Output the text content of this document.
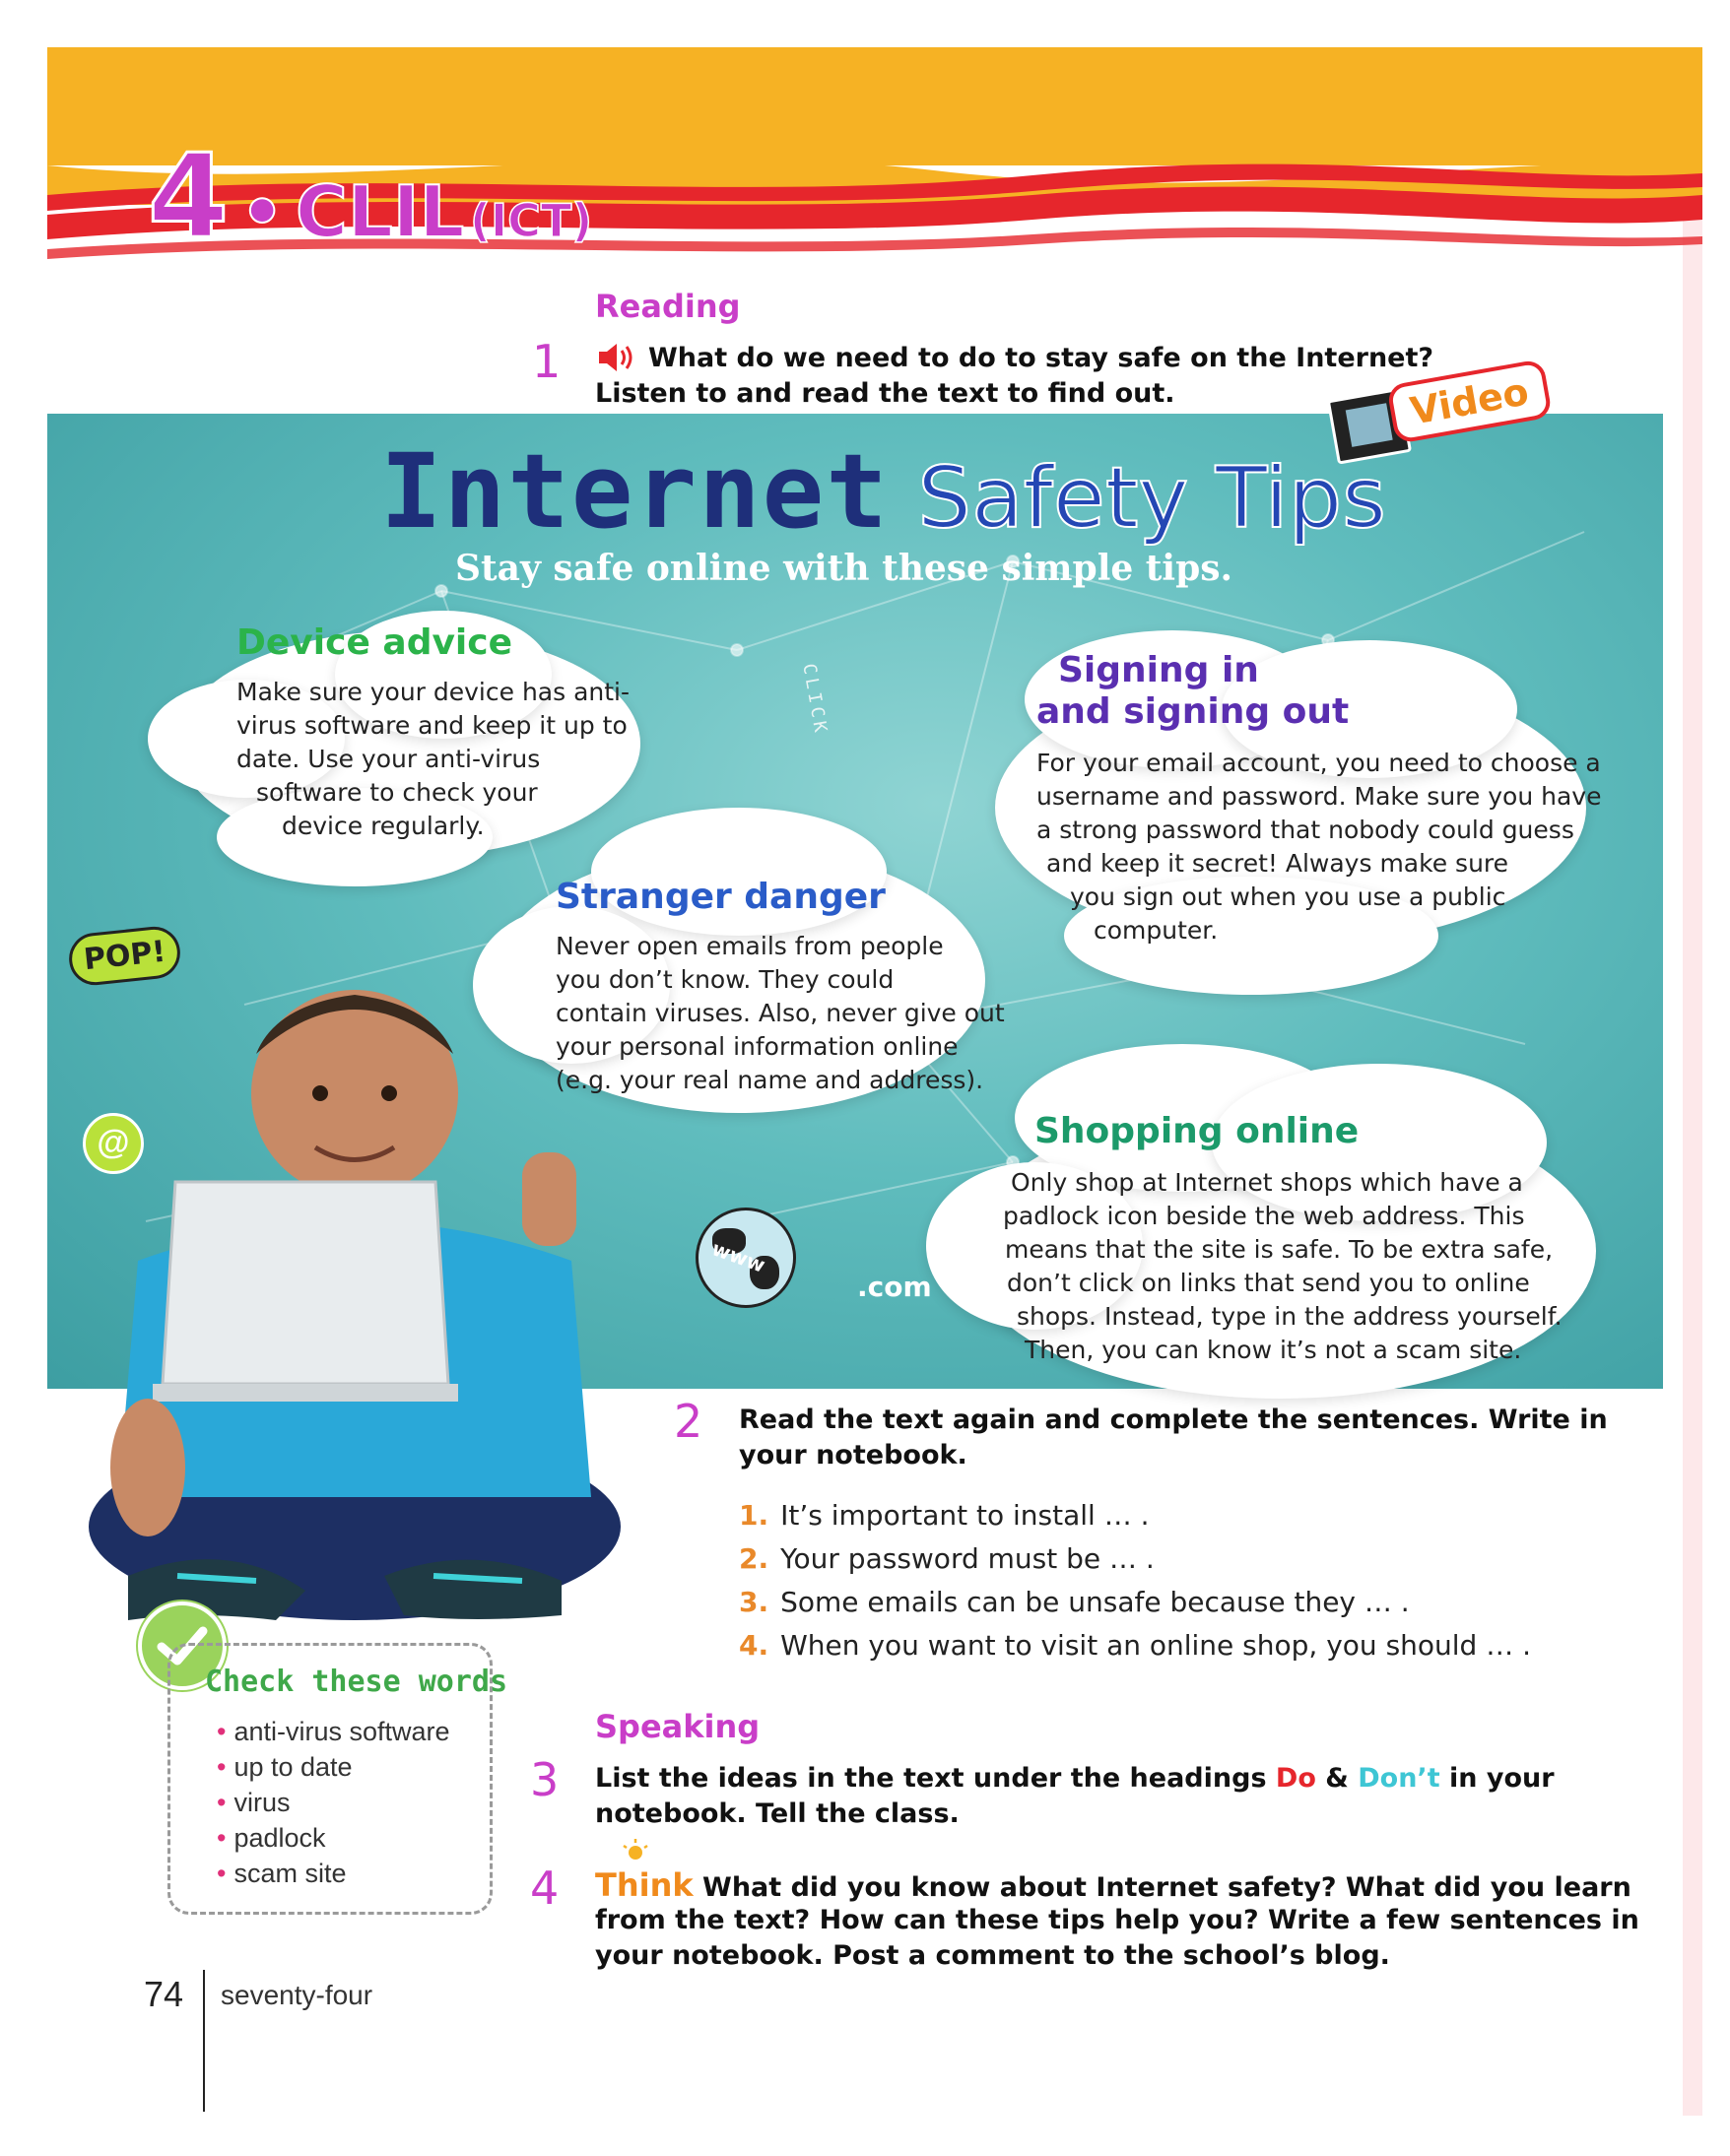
4 • CLIL (ICT)
Reading
1	What do we need to do to stay safe on the Internet?
Listen to and read the text to find out.	Video
Internet Safety Tips
Stay safe online with these simple tips.
Device advice
Make sure your device has anti-
virus software and keep it up to
date. Use your anti-virus
software to check your
device regularly.
Signing in
and signing out
For your email account, you need to choose a
username and password. Make sure you have
a strong password that nobody could guess
and keep it secret! Always make sure
you sign out when you use a public
computer.
Stranger danger
Never open emails from people
you don’t know. They could
contain viruses. Also, never give out
your personal information online
(e.g. your real name and address).
Shopping online
Only shop at Internet shops which have a
padlock icon beside the web address. This
means that the site is safe. To be extra safe,
don’t click on links that send you to online
shops. Instead, type in the address yourself.
Then, you can know it’s not a scam site.
POP!
CLICK
@
www
.com
2 Read the text again and complete the sentences. Write in
your notebook.
1. It’s important to install … .
2. Your password must be … .
3. Some emails can be unsafe because they … .
4. When you want to visit an online shop, you should … .
Check these words
• anti-virus software
• up to date
• virus
• padlock
• scam site
Speaking
3 List the ideas in the text under the headings Do & Don’t in your
notebook. Tell the class.
4 Think What did you know about Internet safety? What did you learn
from the text? How can these tips help you? Write a few sentences in
your notebook. Post a comment to the school’s blog.
74 seventy-four
